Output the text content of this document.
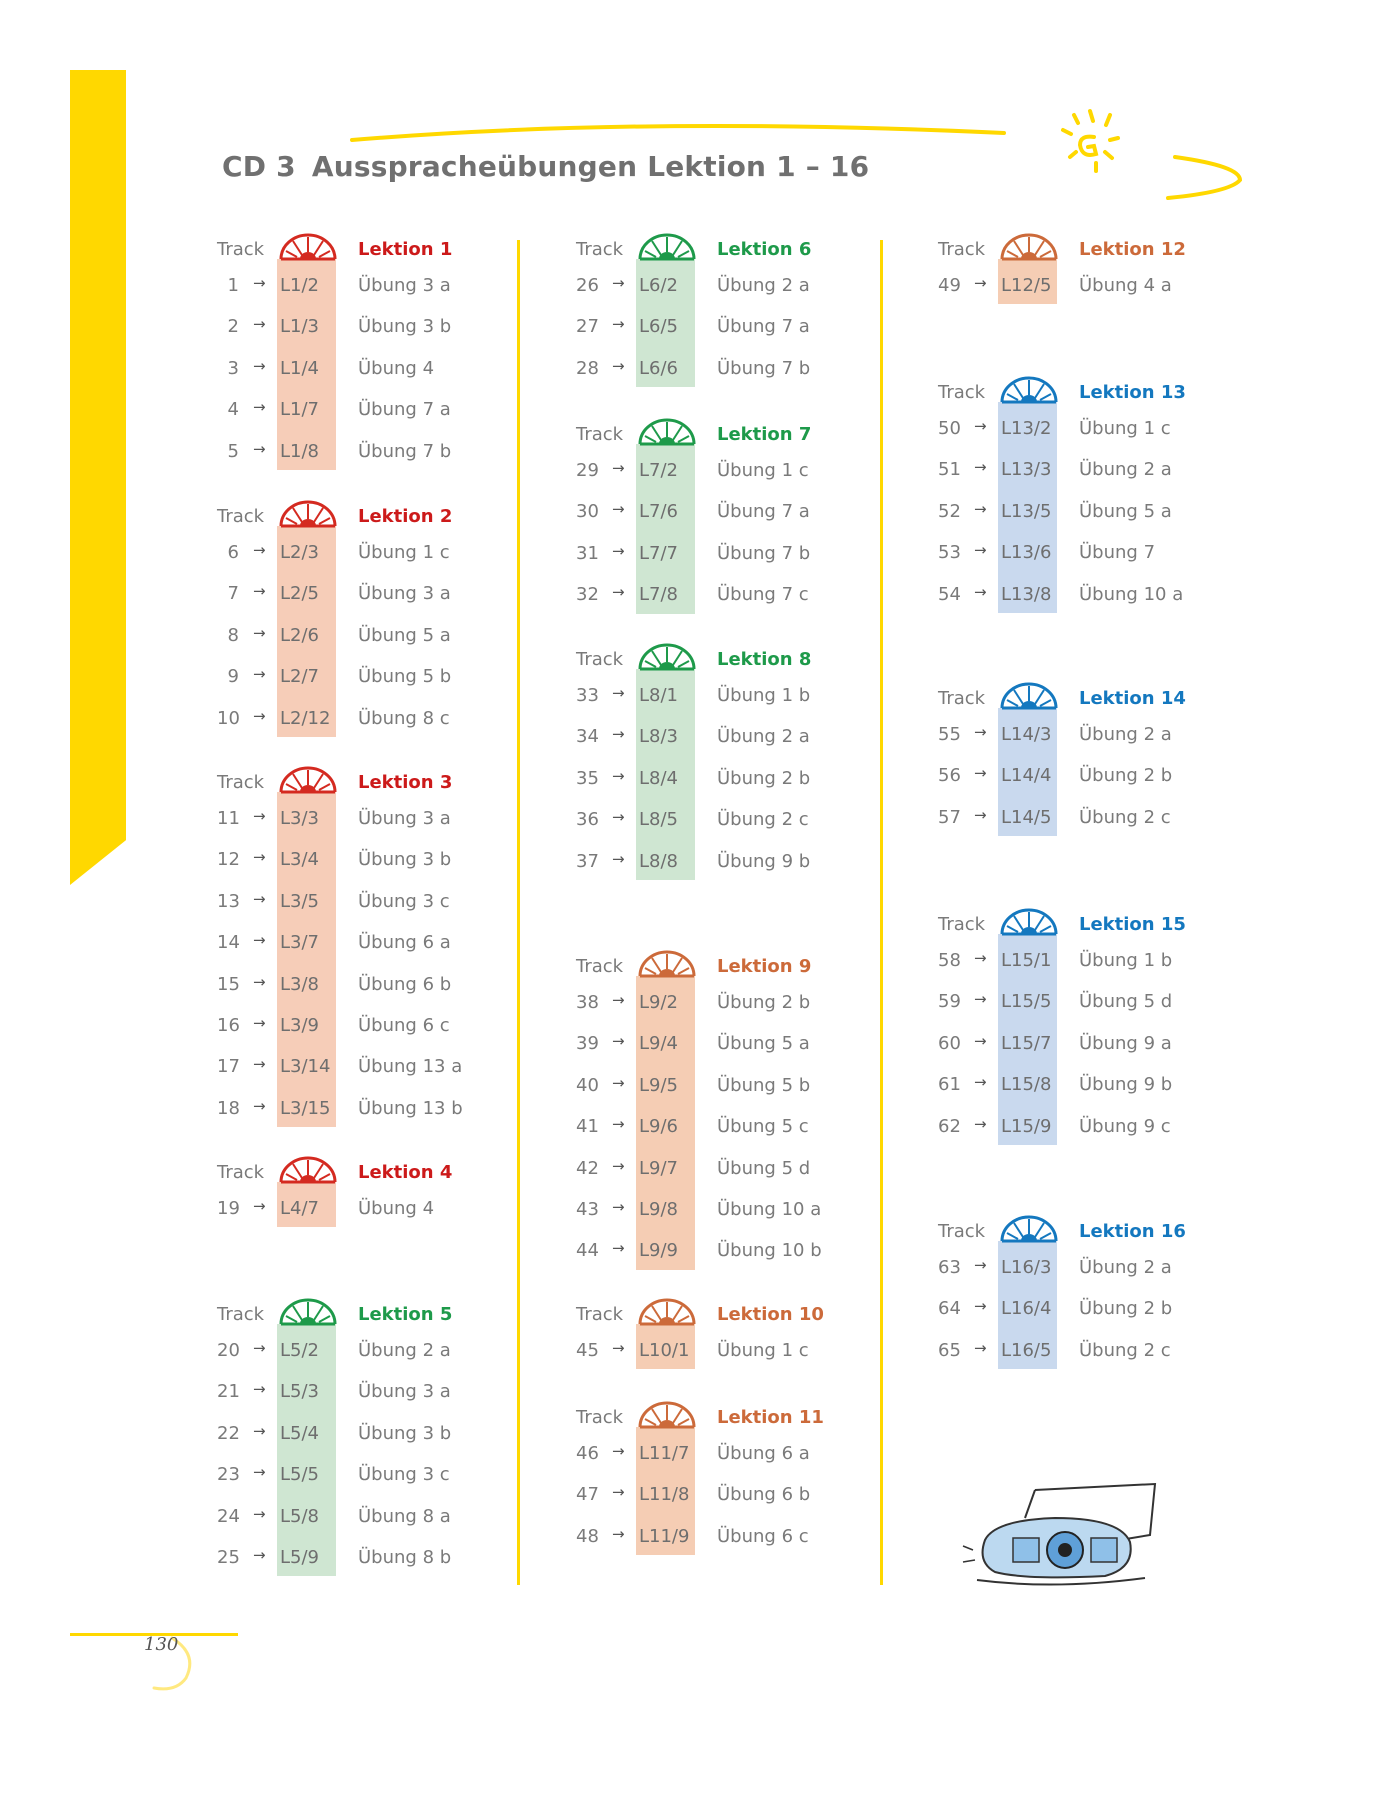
CD 3 Ausspracheübungen Lektion 1 – 16
Track	Lektion 1
1 → L1/2 Übung 3 a
2 → L1/3 Übung 3 b
3 → L1/4 Übung 4
4 → L1/7 Übung 7 a
5 → L1/8 Übung 7 b
Track	Lektion 2
6 → L2/3 Übung 1 c
7 → L2/5 Übung 3 a
8 → L2/6 Übung 5 a
9 → L2/7 Übung 5 b
10 → L2/12 Übung 8 c
Track	Lektion 3
11 → L3/3 Übung 3 a
12 → L3/4 Übung 3 b
13 → L3/5 Übung 3 c
14 → L3/7 Übung 6 a
15 → L3/8 Übung 6 b
16 → L3/9 Übung 6 c
17 → L3/14 Übung 13 a
18 → L3/15 Übung 13 b
Track	Lektion 4
19 → L4/7 Übung 4
Track	Lektion 5
20 → L5/2 Übung 2 a
21 → L5/3 Übung 3 a
22 → L5/4 Übung 3 b
23 → L5/5 Übung 3 c
24 → L5/8 Übung 8 a
25 → L5/9 Übung 8 b
Track	Lektion 6
26 → L6/2 Übung 2 a
27 → L6/5 Übung 7 a
28 → L6/6 Übung 7 b
Track	Lektion 7
29 → L7/2 Übung 1 c
30 → L7/6 Übung 7 a
31 → L7/7 Übung 7 b
32 → L7/8 Übung 7 c
Track	Lektion 8
33 → L8/1 Übung 1 b
34 → L8/3 Übung 2 a
35 → L8/4 Übung 2 b
36 → L8/5 Übung 2 c
37 → L8/8 Übung 9 b
Track	Lektion 9
38 → L9/2 Übung 2 b
39 → L9/4 Übung 5 a
40 → L9/5 Übung 5 b
41 → L9/6 Übung 5 c
42 → L9/7 Übung 5 d
43 → L9/8 Übung 10 a
44 → L9/9 Übung 10 b
Track	Lektion 10
45 → L10/1 Übung 1 c
Track	Lektion 11
46 → L11/7 Übung 6 a
47 → L11/8 Übung 6 b
48 → L11/9 Übung 6 c
Track	Lektion 12
49 → L12/5 Übung 4 a
Track	Lektion 13
50 → L13/2 Übung 1 c
51 → L13/3 Übung 2 a
52 → L13/5 Übung 5 a
53 → L13/6 Übung 7
54 → L13/8 Übung 10 a
Track	Lektion 14
55 → L14/3 Übung 2 a
56 → L14/4 Übung 2 b
57 → L14/5 Übung 2 c
Track	Lektion 15
58 → L15/1 Übung 1 b
59 → L15/5 Übung 5 d
60 → L15/7 Übung 9 a
61 → L15/8 Übung 9 b
62 → L15/9 Übung 9 c
Track	Lektion 16
63 → L16/3 Übung 2 a
64 → L16/4 Übung 2 b
65 → L16/5 Übung 2 c
130
